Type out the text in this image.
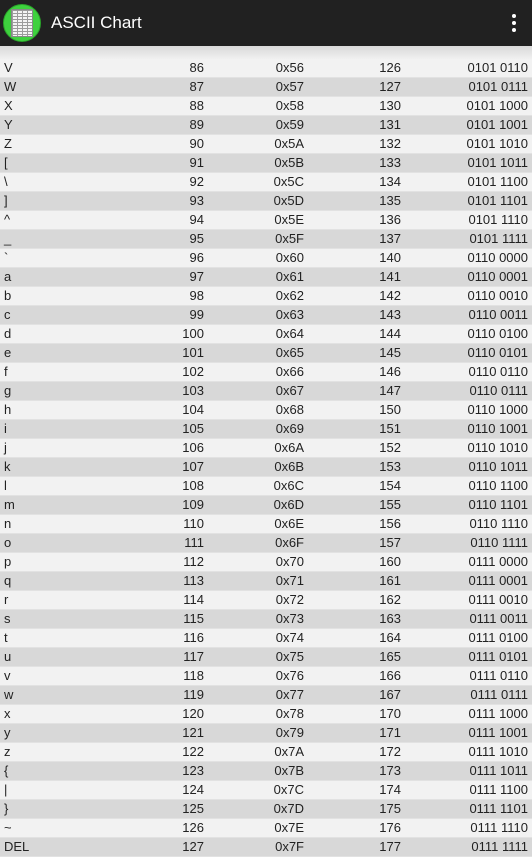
ASCII Chart
V	86	0x56	126	0101 0110
W	87	0x57	127	0101 0111
X	88	0x58	130	0101 1000
Y	89	0x59	131	0101 1001
Z	90	0x5A	132	0101 1010
[	91	0x5B	133	0101 1011
\	92	0x5C	134	0101 1100
]	93	0x5D	135	0101 1101
^	94	0x5E	136	0101 1110
_	95	0x5F	137	0101 1111
`	96	0x60	140	0110 0000
a	97	0x61	141	0110 0001
b	98	0x62	142	0110 0010
c	99	0x63	143	0110 0011
d	100	0x64	144	0110 0100
e	101	0x65	145	0110 0101
f	102	0x66	146	0110 0110
g	103	0x67	147	0110 0111
h	104	0x68	150	0110 1000
i	105	0x69	151	0110 1001
j	106	0x6A	152	0110 1010
k	107	0x6B	153	0110 1011
l	108	0x6C	154	0110 1100
m	109	0x6D	155	0110 1101
n	110	0x6E	156	0110 1110
o	111	0x6F	157	0110 1111
p	112	0x70	160	0111 0000
q	113	0x71	161	0111 0001
r	114	0x72	162	0111 0010
s	115	0x73	163	0111 0011
t	116	0x74	164	0111 0100
u	117	0x75	165	0111 0101
v	118	0x76	166	0111 0110
w	119	0x77	167	0111 0111
x	120	0x78	170	0111 1000
y	121	0x79	171	0111 1001
z	122	0x7A	172	0111 1010
{	123	0x7B	173	0111 1011
|	124	0x7C	174	0111 1100
}	125	0x7D	175	0111 1101
~	126	0x7E	176	0111 1110
DEL	127	0x7F	177	0111 1111
